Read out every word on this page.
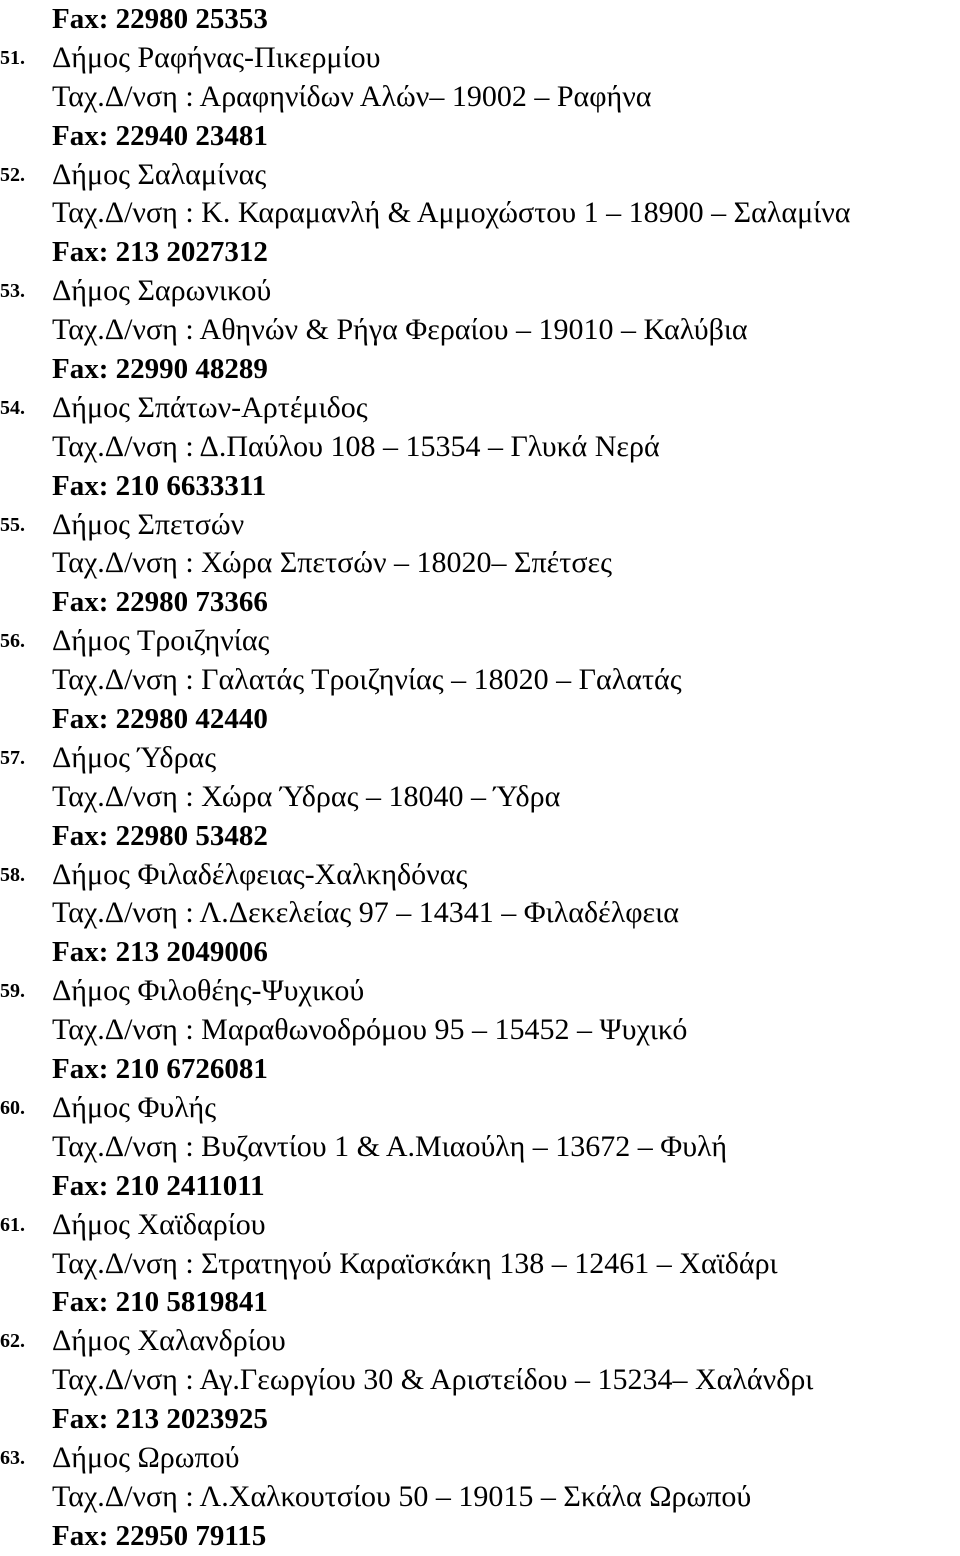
Fax: 22980 25353
51. Δήμος Ραφήνας-Πικερμίου
Ταχ.Δ/νση : Αραφηνίδων Αλών– 19002 – Ραφήνα
Fax: 22940 23481
52. Δήμος Σαλαμίνας
Ταχ.Δ/νση : Κ. Καραμανλή & Αμμοχώστου 1 – 18900 – Σαλαμίνα
Fax: 213 2027312
53. Δήμος Σαρωνικού
Ταχ.Δ/νση : Αθηνών & Ρήγα Φεραίου – 19010 – Καλύβια
Fax: 22990 48289
54. Δήμος Σπάτων-Αρτέμιδος
Ταχ.Δ/νση : Δ.Παύλου 108 – 15354 – Γλυκά Νερά
Fax: 210 6633311
55. Δήμος Σπετσών
Ταχ.Δ/νση : Χώρα Σπετσών – 18020– Σπέτσες
Fax: 22980 73366
56. Δήμος Τροιζηνίας
Ταχ.Δ/νση : Γαλατάς Τροιζηνίας – 18020 – Γαλατάς
Fax: 22980 42440
57. Δήμος Ύδρας
Ταχ.Δ/νση : Χώρα Ύδρας – 18040 – Ύδρα
Fax: 22980 53482
58. Δήμος Φιλαδέλφειας-Χαλκηδόνας
Ταχ.Δ/νση : Λ.Δεκελείας 97 – 14341 – Φιλαδέλφεια
Fax: 213 2049006
59. Δήμος Φιλοθέης-Ψυχικού
Ταχ.Δ/νση : Μαραθωνοδρόμου 95 – 15452 – Ψυχικό
Fax: 210 6726081
60. Δήμος Φυλής
Ταχ.Δ/νση : Βυζαντίου 1 & Α.Μιαούλη – 13672 – Φυλή
Fax: 210 2411011
61. Δήμος Χαϊδαρίου
Ταχ.Δ/νση : Στρατηγού Καραϊσκάκη 138 – 12461 – Χαϊδάρι
Fax: 210 5819841
62. Δήμος Χαλανδρίου
Ταχ.Δ/νση : Αγ.Γεωργίου 30 & Αριστείδου – 15234– Χαλάνδρι
Fax: 213 2023925
63. Δήμος Ωρωπού
Ταχ.Δ/νση : Λ.Χαλκουτσίου 50 – 19015 – Σκάλα Ωρωπού
Fax: 22950 79115
